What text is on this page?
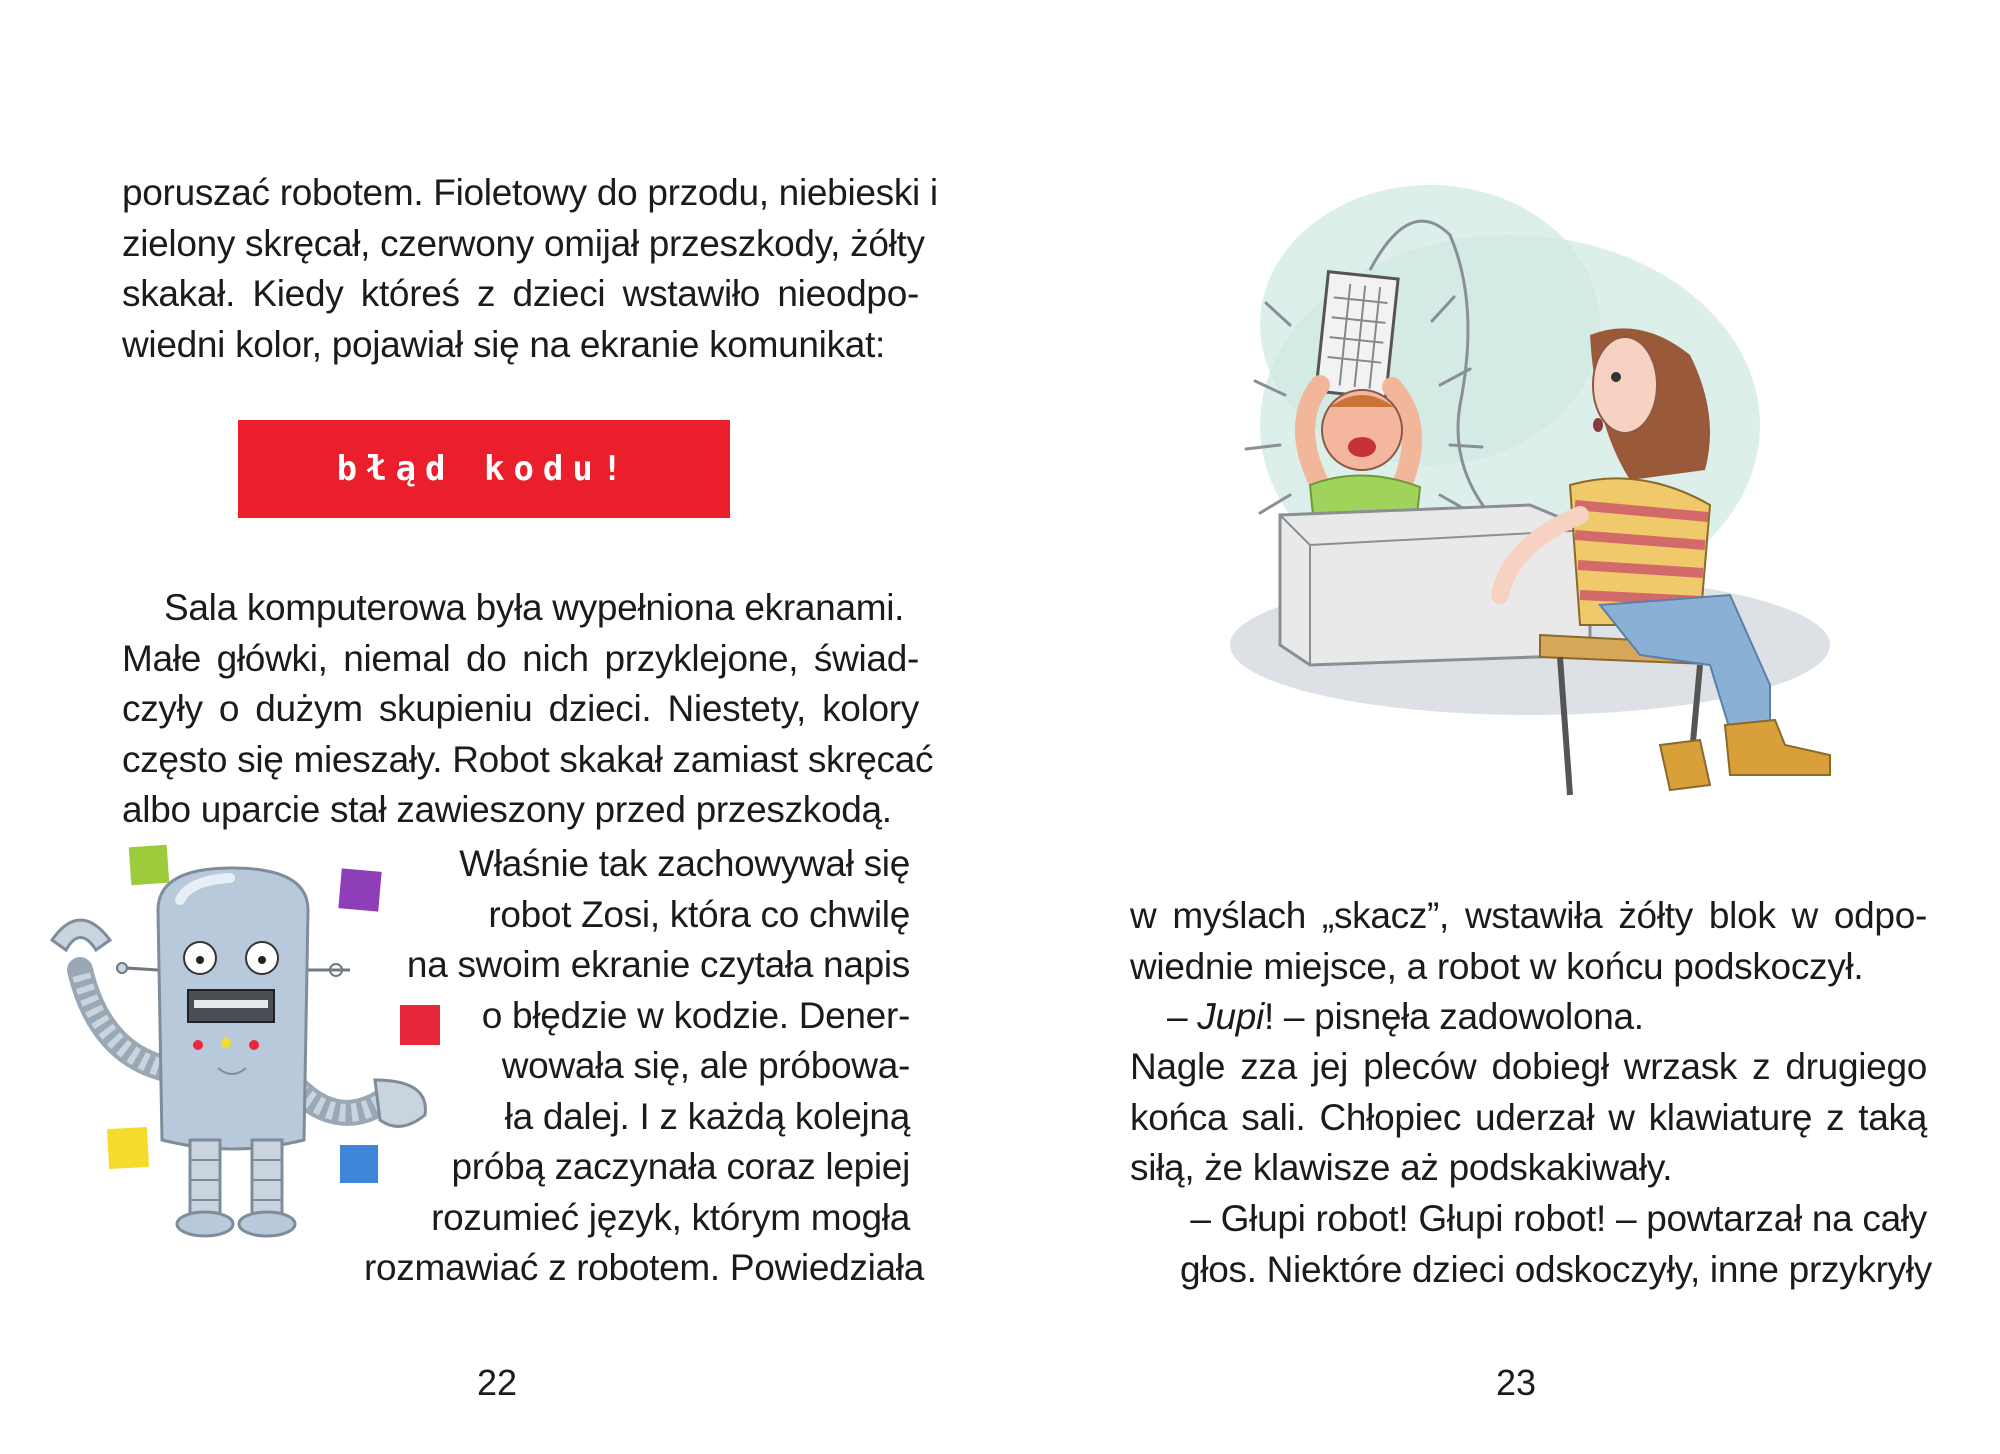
poruszać robotem. Fioletowy do przodu, niebieski i
zielony skręcał, czerwony omijał przeszkody, żółty
skakał. Kiedy któreś z dzieci wstawiło nieodpo-
wiedni kolor, pojawiał się na ekranie komunikat:
błąd kodu!
Sala komputerowa była wypełniona ekranami.
Małe główki, niemal do nich przyklejone, świad-
czyły o dużym skupieniu dzieci. Niestety, kolory
często się mieszały. Robot skakał zamiast skręcać
albo uparcie stał zawieszony przed przeszkodą.
Właśnie tak zachowywał się
robot Zosi, która co chwilę
na swoim ekranie czytała napis
o błędzie w kodzie. Dener-
wowała się, ale próbowa-
ła dalej. I z każdą kolejną
próbą zaczynała coraz lepiej
rozumieć język, którym mogła
rozmawiać z robotem. Powiedziała
22
w myślach „skacz”, wstawiła żółty blok w odpo-
wiednie miejsce, a robot w końcu podskoczył.
– Jupi! – pisnęła zadowolona.
Nagle zza jej pleców dobiegł wrzask z drugiego
końca sali. Chłopiec uderzał w klawiaturę z taką
siłą, że klawisze aż podskakiwały.
– Głupi robot! Głupi robot! – powtarzał na cały
głos. Niektóre dzieci odskoczyły, inne przykryły
23
